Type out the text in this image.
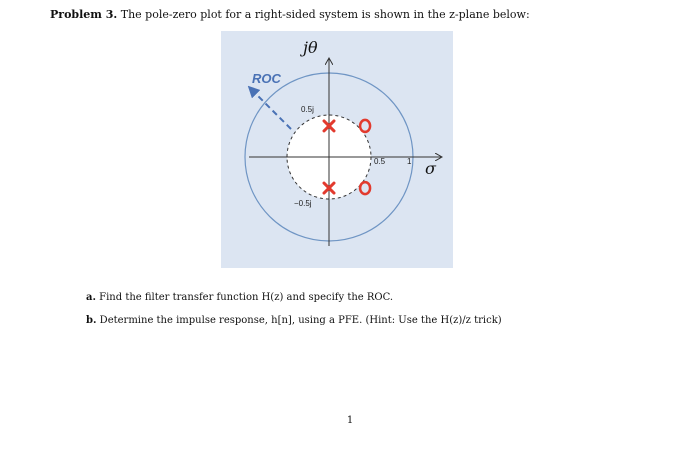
Problem 3. The pole-zero plot for a right-sided system is shown in the z-plane below:
jθ
σ
ROC
1
0.5
0.5j
−0.5j
a. Find the filter transfer function H(z) and specify the ROC.
b. Determine the impulse response, h[n], using a PFE. (Hint: Use the H(z)/z trick)
1
